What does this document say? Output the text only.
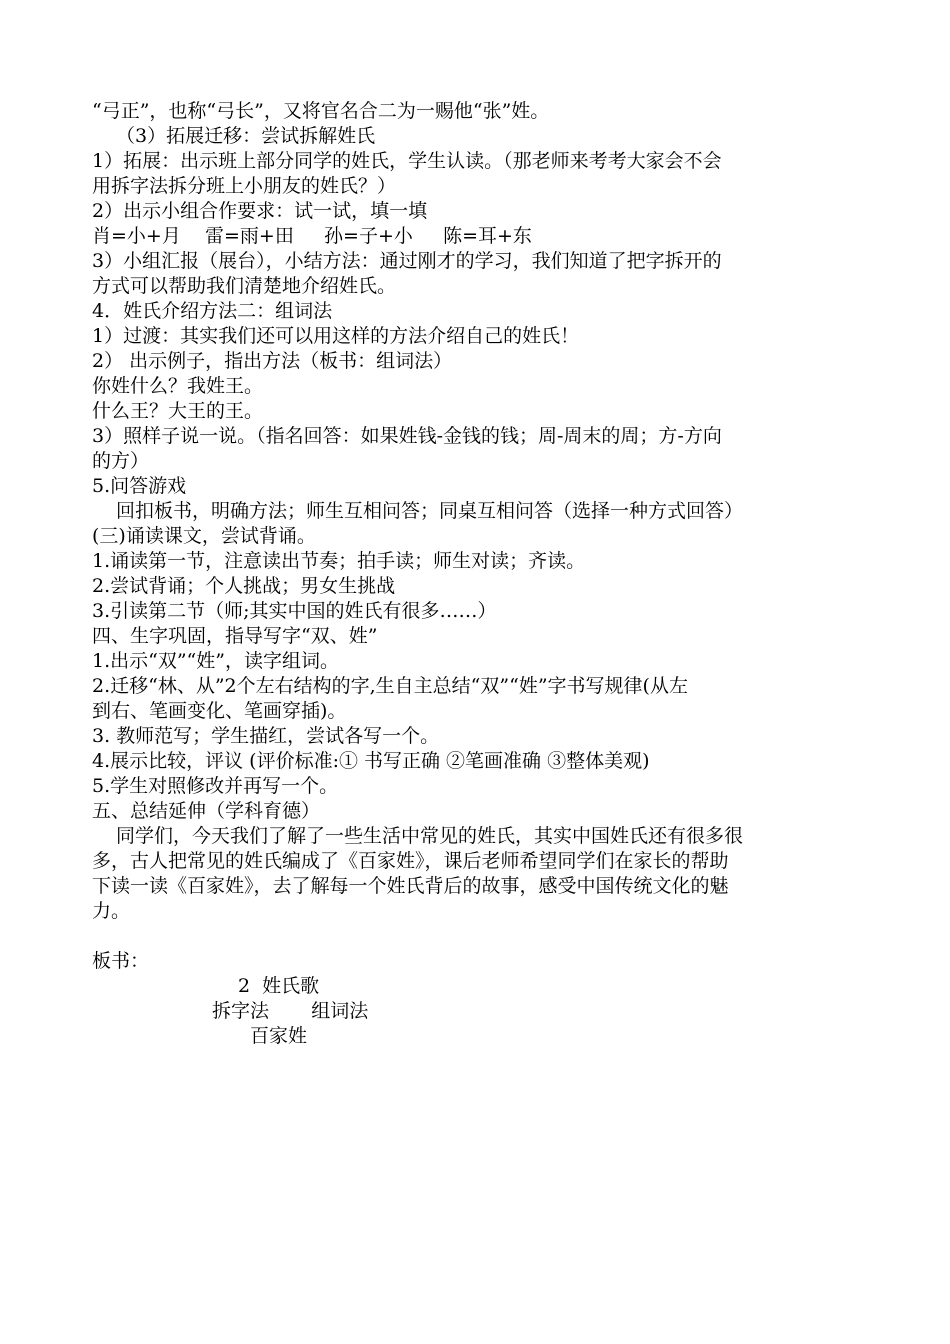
“弓正”，也称“弓长”，又将官名合二为一赐他“张”姓。
（3）拓展迁移：尝试拆解姓氏
1）拓展：出示班上部分同学的姓氏，学生认读。（那老师来考考大家会不会
用拆字法拆分班上小朋友的姓氏？）
2）出示小组合作要求：试一试，填一填
肖=小+月    雷=雨+田     孙=子+小     陈=耳+东
3）小组汇报（展台），小结方法：通过刚才的学习，我们知道了把字拆开的
方式可以帮助我们清楚地介绍姓氏。
4．姓氏介绍方法二：组词法
1）过渡：其实我们还可以用这样的方法介绍自己的姓氏！
2） 出示例子，指出方法（板书：组词法）
你姓什么？我姓王。
什么王？大王的王。
3）照样子说一说。（指名回答：如果姓钱-金钱的钱；周-周末的周；方-方向
的方）
5.问答游戏
回扣板书，明确方法；师生互相问答；同桌互相问答（选择一种方式回答）
(三)诵读课文，尝试背诵。
1.诵读第一节，注意读出节奏；拍手读；师生对读；齐读。
2.尝试背诵；个人挑战；男女生挑战
3.引读第二节（师;其实中国的姓氏有很多……）
四、生字巩固，指导写字“双、姓”
1.出示“双”“姓”，读字组词。
2.迁移“林、从”2个左右结构的字,生自主总结“双”“姓”字书写规律(从左
到右、笔画变化、笔画穿插)。
3. 教师范写；学生描红，尝试各写一个。
4.展示比较，评议 (评价标准:① 书写正确 ②笔画准确 ③整体美观)
5.学生对照修改并再写一个。
五、总结延伸（学科育德）
同学们，今天我们了解了一些生活中常见的姓氏，其实中国姓氏还有很多很
多，古人把常见的姓氏编成了《百家姓》，课后老师希望同学们在家长的帮助
下读一读《百家姓》，去了解每一个姓氏背后的故事，感受中国传统文化的魅
力。
板书：
2  姓氏歌
拆字法       组词法
百家姓
